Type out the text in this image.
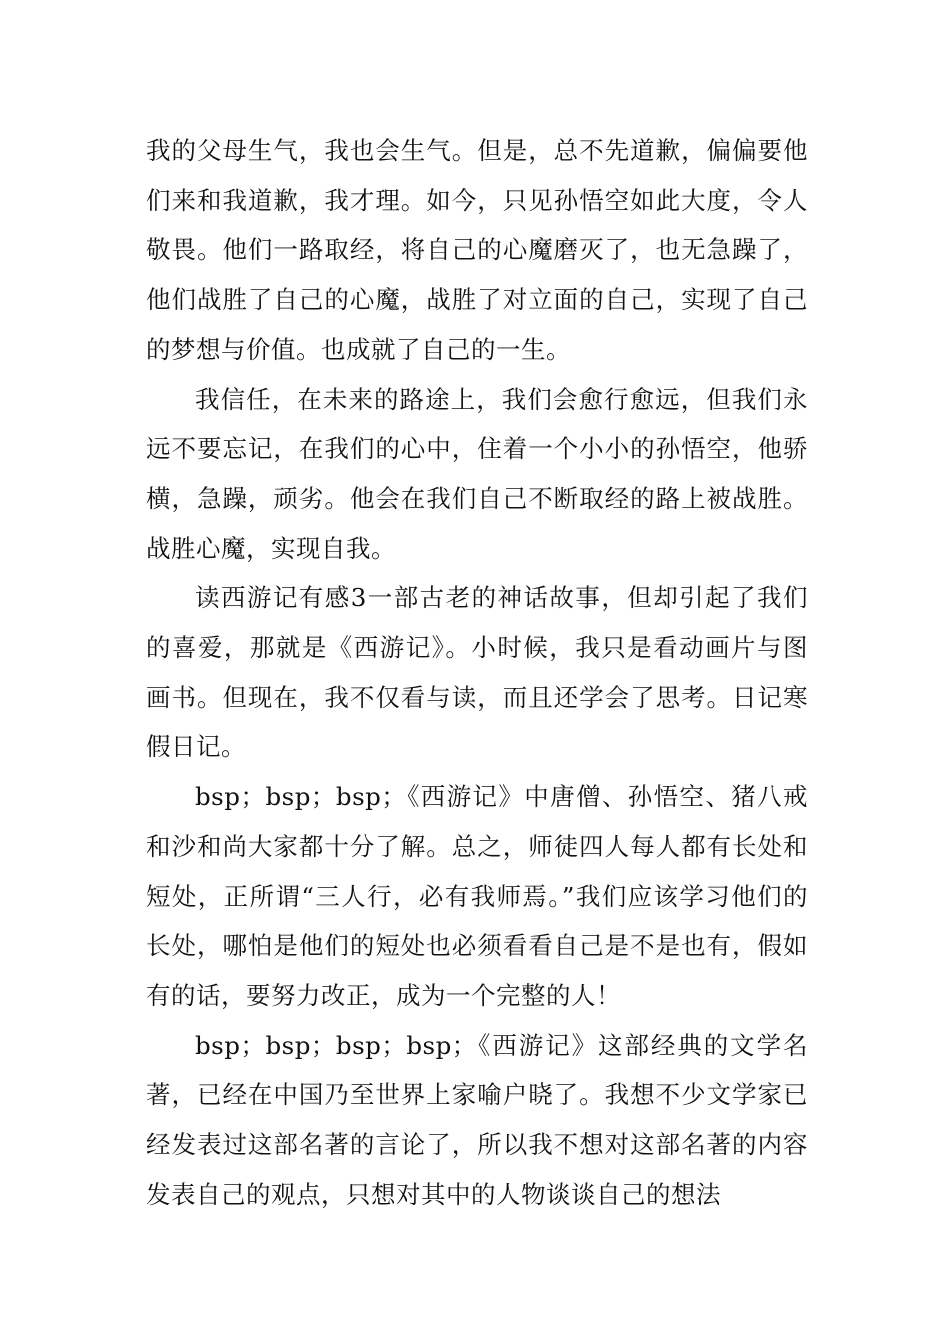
我的父母生气，我也会生气。但是，总不先道歉，偏偏要他们来和我道歉，我才理。如今，只见孙悟空如此大度，令人敬畏。他们一路取经，将自己的心魔磨灭了，也无急躁了，他们战胜了自己的心魔，战胜了对立面的自己，实现了自己的梦想与价值。也成就了自己的一生。

我信任，在未来的路途上，我们会愈行愈远，但我们永远不要忘记，在我们的心中，住着一个小小的孙悟空，他骄横，急躁，顽劣。他会在我们自己不断取经的路上被战胜。战胜心魔，实现自我。

读西游记有感3一部古老的神话故事，但却引起了我们的喜爱，那就是《西游记》。小时候，我只是看动画片与图画书。但现在，我不仅看与读，而且还学会了思考。日记寒假日记。

bsp；bsp；bsp；《西游记》中唐僧、孙悟空、猪八戒和沙和尚大家都十分了解。总之，师徒四人每人都有长处和短处，正所谓“三人行，必有我师焉。”我们应该学习他们的长处，哪怕是他们的短处也必须看看自己是不是也有，假如有的话，要努力改正，成为一个完整的人！

bsp；bsp；bsp；bsp；《西游记》这部经典的文学名著，已经在中国乃至世界上家喻户晓了。我想不少文学家已经发表过这部名著的言论了，所以我不想对这部名著的内容发表自己的观点，只想对其中的人物谈谈自己的想法
